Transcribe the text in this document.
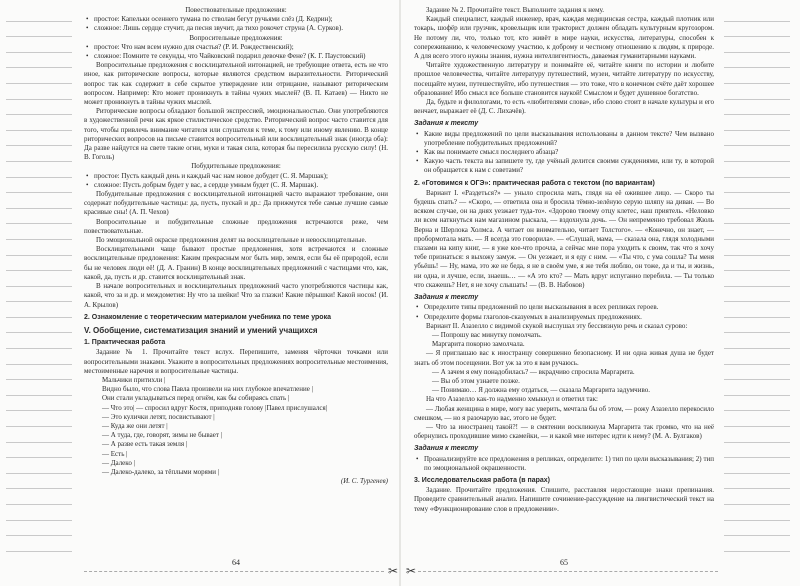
Повествовательные предложения:
• простое: Капельки осеннего тумана по стволам бегут ручьями слёз (Д. Кедрин);
• сложное: Лишь сердце стучит, да песня звучит, да тихо рокочет струна (А. Сурков).
Вопросительные предложения:
• простое: Что нам всем нужно для счастья? (Р. И. Рождественский);
• сложное: Помните те секунды, что Чайковский подарил девочке Фене? (К. Г. Паустовский)
Вопросительные предложения с восклицательной интонацией, не требующие ответа, есть не что иное, как риторические вопросы, которые являются средством выразительности. Риторический вопрос так как содержит в себе скрытое утверждение или отрицание, называют риторическим вопросом. Например: Кто может проникнуть в тайны чужих мыслей? (В. П. Катаев) — Никто не может проникнуть в тайны чужих мыслей.
Риторические вопросы обладают большой экспрессией, эмоциональностью. Они употребляются в художественной речи как яркое стилистическое средство. Риторический вопрос часто ставится для того, чтобы привлечь внимание читателя или слушателя к теме, к тому или иному явлению. В конце риторических вопросов на письме ставится вопросительный или восклицательный знак (иногда оба): Да разве найдутся на свете такие огни, муки и такая сила, которая бы пересилила русскую силу! (Н. В. Гоголь)
Побудительные предложения:
• простое: Пусть каждый день и каждый час нам новое добудет (С. Я. Маршак);
• сложное: Пусть добрым будет у вас, а сердце умным будет (С. Я. Маршак).
Побудительные предложения с восклицательной интонацией часто выражают требование, они содержат побудительные частицы: да, пусть, пускай и др.: Да прижмутся тебе самые лучшие самые красивые сны! (А. П. Чехов)
Вопросительные и побудительные сложные предложения встречаются реже, чем повествовательные.
По эмоциональной окраске предложения делят на восклицательные и невосклицательные.
Восклицательными чаще бывают простые предложения, хотя встречаются и сложные восклицательные предложения: Каким прекрасным мог быть мир, земля, если бы её природой, если бы не человек люди её! (Д. А. Гранин) В конце восклицательных предложений с частицами что, как, какой, да, пусть и др. ставится восклицательный знак.
В начале вопросительных и восклицательных предложений часто употребляются частицы как, какой, что за и др. и междометия: Ну что за шейки! Что за глазки! Какие пёрышки! Какой носок! (И. А. Крылов)
2. Ознакомление с теоретическим материалом учебника по теме урока
V. Обобщение, систематизация знаний и умений учащихся
1. Практическая работа
Задание № 1. Прочитайте текст вслух. Перепишите, заменяя чёрточки точками или вопросительными знаками. Укажите в вопросительных предложениях вопросительные местоимения, местоименные наречия и вопросительные частицы.
Мальчики притихли |
Видно было, что слова Павла произвели на них глубокое впечатление |
Они стали укладываться перед огнём, как бы собираясь спать |
— Что это| — спросил вдруг Костя, приподняв голову |Павел прислушался|
— Это кулички летят, посвистывают |
— Куда же они летят |
— А туда, где, говорят, зимы не бывает |
— А разве есть такая земля |
— Есть |
— Далеко |
— Далеко-далеко, за тёплыми морями |
(И. С. Тургенев)
Задание № 2. Прочитайте текст. Выполните задания к нему.
Каждый специалист, каждый инженер, врач, каждая медицинская сестра, каждый плотник или токарь, шофёр или грузчик, кровельщик или тракторист должен обладать культурным кругозором. Не потому ли, что, только тот, кто живёт в мире науки, искусства, литературы, способен к сопереживанию, к человеческому участию, к доброму и честному отношению к людям, к природе. А для всего этого нужны знания, нужна интеллигентность, даваемая гуманитарными науками.
Читайте художественную литературу и понимайте её, читайте книги по истории и любите прошлое человечества, читайте литературу путешествий, музеи, читайте литературу по искусству, посещайте музеи, путешествуйте, ибо путешествия — это тоже, что в конечном счёте даёт хорошее образование! Ибо смысл все больше становится наукой! Смыслом и будет душевное богатство.
Да, будьте и филологами, то есть «любителями слова», ибо слово стоит в начале культуры и его венчает, выражает её (Д. С. Лихачёв).
Задания к тексту
• Какие виды предложений по цели высказывания использованы в данном тексте? Чем вызвано употребление побудительных предложений?
• Как вы понимаете смысл последнего абзаца?
• Какую часть текста вы запишете ту, где учёный делится своими суждениями, или ту, в которой он обращается к нам с советами?
2. «Готовимся к ОГЭ»: практическая работа с текстом (по вариантам)
Вариант I. «Раздеться?» — уныло спросила мать, глядя на её ожившее лицо. — Скоро ты будешь спать? — «Скоро, — ответила она и бросила тёмно-зелёную серую шляпу на диван. — Во всяком случае, он на днях уезжает туда-то». «Здорово твоему отцу клетес, наш приятель. «Неловко ли всем наткнуться нам магазином рыскала, — вздохнула дочь. — Он непременно требовал Жюль Верна и Шерлока Холмса. А читает он внимательно, читает Толстого». — «Конечно, он знает, — пробормотала мать. — Я всегда это говорила». — «Слушай, мама, — сказала она, глядя холодными глазами на кипу книг, — я уже кое-что прочла, а сейчас мне пора уходить к своим, так что я хочу тебе признаться: я выхожу замуж. — Он уезжает, и я еду с ним. — «Ты что, с ума сошла? Ты меня убьёшь! — Ну, мама, это же не беда, я не в своём уме, я же тебя люблю, он тоже, да и ты, и жизнь, ни одна, и лучше, если, знаешь… — «А это кто? — Мать вдруг испуганно перебила. — Ты только что скажешь? Нет, я не хочу слышать! — (В. В. Набоков)
Задания к тексту
• Определите типы предложений по цели высказывания в всех репликах героев.
• Определите формы глаголов-сказуемых в анализируемых предложениях.
Вариант II. Азазелло с видимой скукой выслушал эту бессвязную речь и сказал сурово:
— Попрошу вас минутку помолчать.
Маргарита покорно замолчала.
— Я приглашаю вас к иностранцу совершенно безопасному. И ни одна живая душа не будет знать об этом посещении. Вот уж за это я вам ручаюсь.
— А зачем я ему понадобилась? — вкрадчиво спросила Маргарита.
— Вы об этом узнаете позже.
— Понимаю… Я должна ему отдаться, — сказала Маргарита задумчиво.
На что Азазелло как-то надменно хмыкнул и ответил так:
— Любая женщина в мире, могу вас уверить, мечтала бы об этом, — рожу Азазелло перекосило смешком, — но я разочарую вас, этого не будет.
— Что за иностранец такой?! — в смятении воскликнула Маргарита так громко, что на неё обернулись проходившие мимо скамейки, — и какой мне интерес идти к нему? (М. А. Булгаков)
Задания к тексту
• Проанализируйте все предложения в репликах, определите: 1) тип по цели высказывания; 2) тип по эмоциональной окрашенности.
3. Исследовательская работа (в парах)
Задание. Прочитайте предложения. Спишите, расставляя недостающие знаки препинания. Проведите сравнительный анализ. Напишите сочинение-рассуждение на лингвистический текст на тему «Функционирование слов в предложении».
64	65
✂ ✂
